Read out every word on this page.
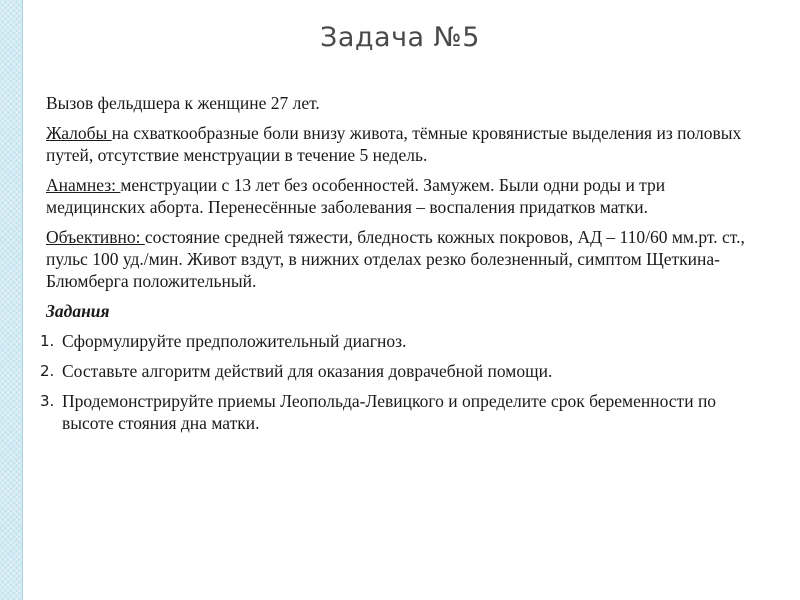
Задача №5

Вызов фельдшера к женщине 27 лет.

Жалобы на схваткообразные боли внизу живота, тёмные кровянистые выделения из половых путей, отсутствие менструации в течение 5 недель.

Анамнез: менструации с 13 лет без особенностей. Замужем. Были одни роды и три медицинских аборта. Перенесённые заболевания – воспаления придатков матки.

Объективно: состояние средней тяжести, бледность кожных покровов, АД – 110/60 мм.рт. ст., пульс 100 уд./мин. Живот вздут, в нижних отделах резко болезненный, симптом Щеткина-Блюмберга положительный.

Задания

1. Сформулируйте предположительный диагноз.
2. Составьте алгоритм действий для оказания доврачебной помощи.
3. Продемонстрируйте приемы Леопольда-Левицкого и определите срок беременности по высоте стояния дна матки.
